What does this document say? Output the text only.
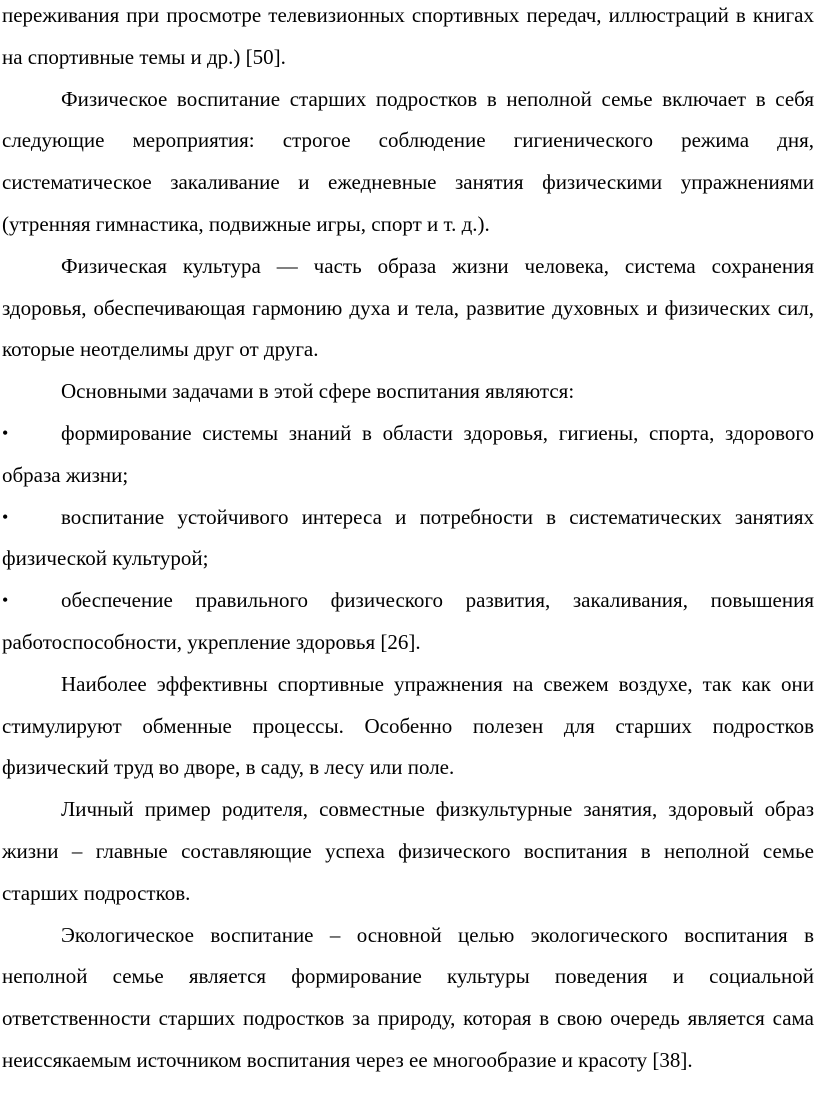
переживания при просмотре телевизионных спортивных передач, иллюстраций в книгах на спортивные темы и др.) [50].

Физическое воспитание старших подростков в неполной семье включает в себя следующие мероприятия: строгое соблюдение гигиенического режима дня, систематическое закаливание и ежедневные занятия физическими упражнениями (утренняя гимнастика, подвижные игры, спорт и т. д.).

Физическая культура — часть образа жизни человека, система сохранения здоровья, обеспечивающая гармонию духа и тела, развитие духовных и физических сил, которые неотделимы друг от друга.

Основными задачами в этой сфере воспитания являются:

•	формирование системы знаний в области здоровья, гигиены, спорта, здорового образа жизни;
•	воспитание устойчивого интереса и потребности в систематических занятиях физической культурой;
•	обеспечение правильного физического развития, закаливания, повышения работоспособности, укрепление здоровья [26].

Наиболее эффективны спортивные упражнения на свежем воздухе, так как они стимулируют обменные процессы. Особенно полезен для старших подростков физический труд во дворе, в саду, в лесу или поле.

Личный пример родителя, совместные физкультурные занятия, здоровый образ жизни – главные составляющие успеха физического воспитания в неполной семье старших подростков.

Экологическое воспитание – основной целью экологического воспитания в неполной семье является формирование культуры поведения и социальной ответственности старших подростков за природу, которая в свою очередь является сама неиссякаемым источником воспитания через ее многообразие и красоту [38].
